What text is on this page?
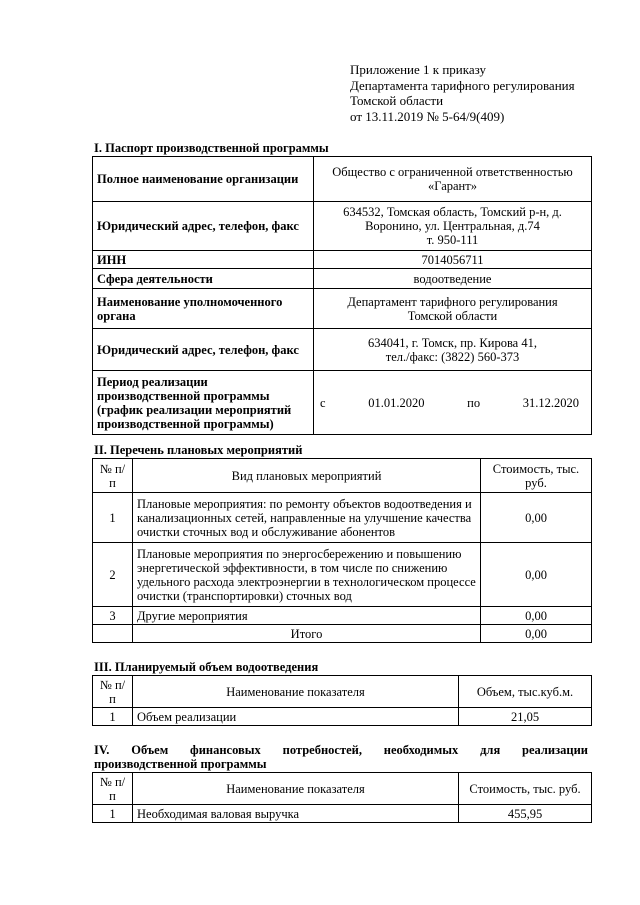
Приложение 1 к приказу
Департамента тарифного регулирования
Томской области
от 13.11.2019 № 5-64/9(409)
I. Паспорт производственной программы
Полное наименование организации	Общество с ограниченной ответственностью
«Гарант»
Юридический адрес, телефон, факс	634532, Томская область, Томский р-н, д.
Воронино, ул. Центральная, д.74
т. 950-111
ИНН	7014056711
Сфера деятельности	водоотведение
Наименование уполномоченного органа	Департамент тарифного регулирования
Томской области
Юридический адрес, телефон, факс	634041, г. Томск, пр. Кирова 41,
тел./факс: (3822) 560-373
Период реализации производственной программы (график реализации мероприятий производственной программы)	с 01.01.2020 по 31.12.2020
II. Перечень плановых мероприятий
№ п/п	Вид плановых мероприятий	Стоимость, тыс. руб.
1	Плановые мероприятия: по ремонту объектов водоотведения и канализационных сетей, направленные на улучшение качества очистки сточных вод и обслуживание абонентов	0,00
2	Плановые мероприятия по энергосбережению и повышению энергетической эффективности, в том числе по снижению удельного расхода электроэнергии в технологическом процессе очистки (транспортировки) сточных вод	0,00
3	Другие мероприятия	0,00
	Итого	0,00
III. Планируемый объем водоотведения
№ п/п	Наименование показателя	Объем, тыс.куб.м.
1	Объем реализации	21,05
IV. Объем финансовых потребностей, необходимых для реализации
производственной программы
№ п/п	Наименование показателя	Стоимость, тыс. руб.
1	Необходимая валовая выручка	455,95
